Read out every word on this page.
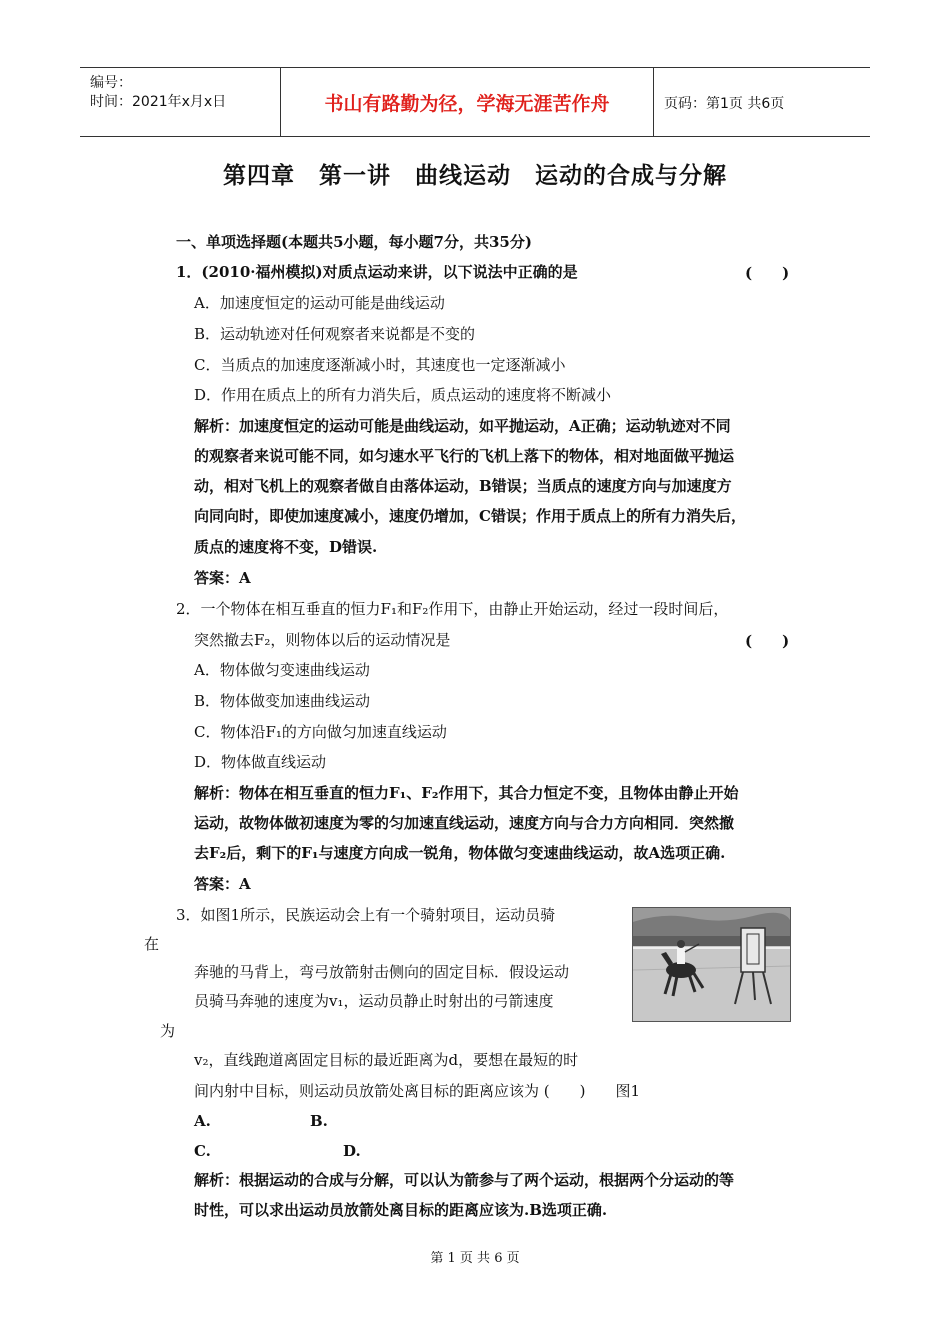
编号：
时间：2021年x月x日	书山有路勤为径，学海无涯苦作舟	页码：第1页 共6页
第四章　第一讲　曲线运动　运动的合成与分解
一、单项选择题(本题共5小题，每小题7分，共35分)
1．(2010·福州模拟)对质点运动来讲，以下说法中正确的是	(　　)
A．加速度恒定的运动可能是曲线运动
B．运动轨迹对任何观察者来说都是不变的
C．当质点的加速度逐渐减小时，其速度也一定逐渐减小
D．作用在质点上的所有力消失后，质点运动的速度将不断减小
解析：加速度恒定的运动可能是曲线运动，如平抛运动，A正确；运动轨迹对不同
的观察者来说可能不同，如匀速水平飞行的飞机上落下的物体，相对地面做平抛运
动，相对飞机上的观察者做自由落体运动，B错误；当质点的速度方向与加速度方
向同向时，即使加速度减小，速度仍增加，C错误；作用于质点上的所有力消失后，
质点的速度将不变，D错误.
答案：A
2．一个物体在相互垂直的恒力F₁和F₂作用下，由静止开始运动，经过一段时间后，
突然撤去F₂，则物体以后的运动情况是	(　　)
A．物体做匀变速曲线运动
B．物体做变加速曲线运动
C．物体沿F₁的方向做匀加速直线运动
D．物体做直线运动
解析：物体在相互垂直的恒力F₁、F₂作用下，其合力恒定不变，且物体由静止开始
运动，故物体做初速度为零的匀加速直线运动，速度方向与合力方向相同．突然撤
去F₂后，剩下的F₁与速度方向成一锐角，物体做匀变速曲线运动，故A选项正确.
答案：A
3．如图1所示，民族运动会上有一个骑射项目，运动员骑
在
奔驰的马背上，弯弓放箭射击侧向的固定目标．假设运动
员骑马奔驰的速度为v₁，运动员静止时射出的弓箭速度
为
v₂，直线跑道离固定目标的最近距离为d，要想在最短的时
间内射中目标，则运动员放箭处离目标的距离应该为 (　　)　　图1
A.	B.
C.	D.
解析：根据运动的合成与分解，可以认为箭参与了两个运动，根据两个分运动的等
时性，可以求出运动员放箭处离目标的距离应该为.B选项正确.
第 1 页 共 6 页
